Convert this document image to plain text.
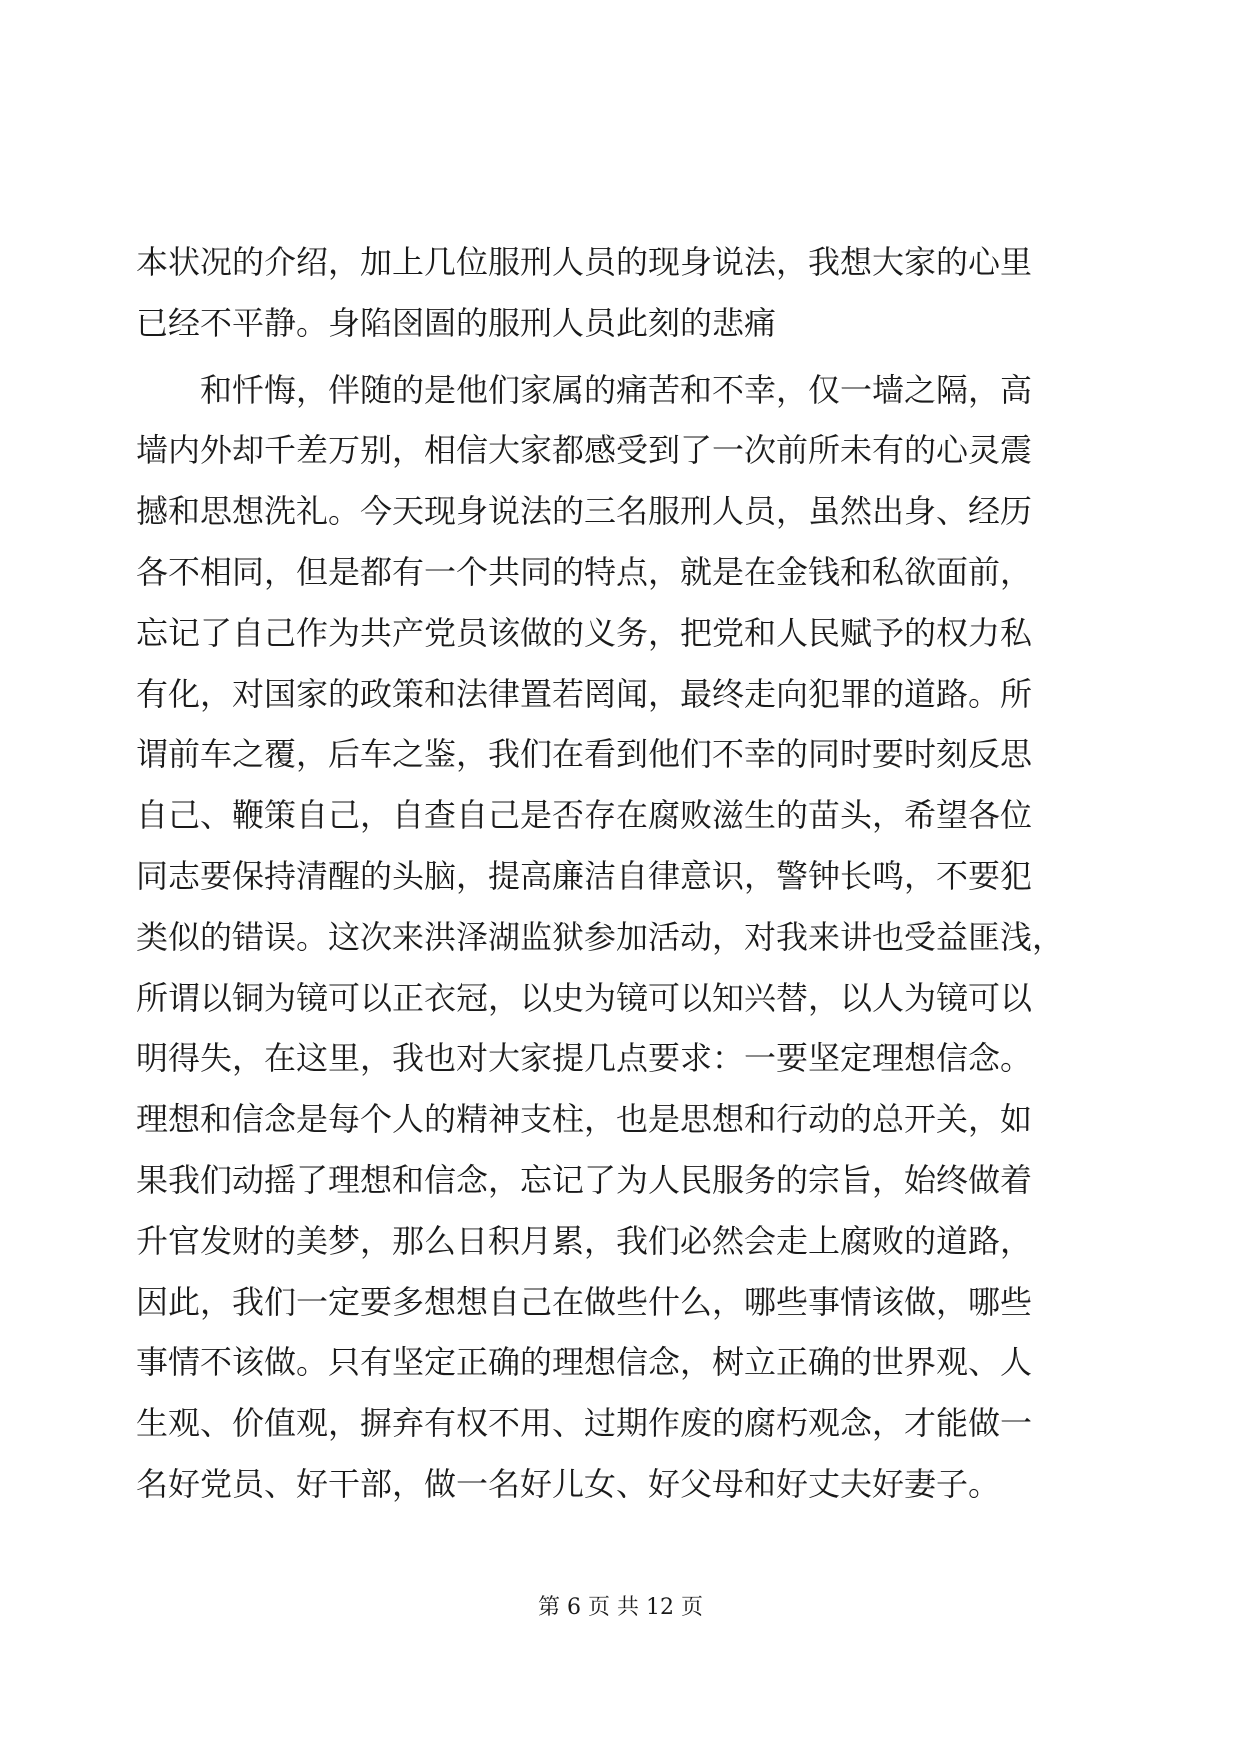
本状况的介绍，加上几位服刑人员的现身说法，我想大家的心里
已经不平静。身陷囹圄的服刑人员此刻的悲痛
和忏悔，伴随的是他们家属的痛苦和不幸，仅一墙之隔，高
墙内外却千差万别，相信大家都感受到了一次前所未有的心灵震
撼和思想洗礼。今天现身说法的三名服刑人员，虽然出身、经历
各不相同，但是都有一个共同的特点，就是在金钱和私欲面前，
忘记了自己作为共产党员该做的义务，把党和人民赋予的权力私
有化，对国家的政策和法律置若罔闻，最终走向犯罪的道路。所
谓前车之覆，后车之鉴，我们在看到他们不幸的同时要时刻反思
自己、鞭策自己，自查自己是否存在腐败滋生的苗头，希望各位
同志要保持清醒的头脑，提高廉洁自律意识，警钟长鸣，不要犯
类似的错误。这次来洪泽湖监狱参加活动，对我来讲也受益匪浅，
所谓以铜为镜可以正衣冠，以史为镜可以知兴替，以人为镜可以
明得失，在这里，我也对大家提几点要求：一要坚定理想信念。
理想和信念是每个人的精神支柱，也是思想和行动的总开关，如
果我们动摇了理想和信念，忘记了为人民服务的宗旨，始终做着
升官发财的美梦，那么日积月累，我们必然会走上腐败的道路，
因此，我们一定要多想想自己在做些什么，哪些事情该做，哪些
事情不该做。只有坚定正确的理想信念，树立正确的世界观、人
生观、价值观，摒弃有权不用、过期作废的腐朽观念，才能做一
名好党员、好干部，做一名好儿女、好父母和好丈夫好妻子。
第 6 页 共 12 页
